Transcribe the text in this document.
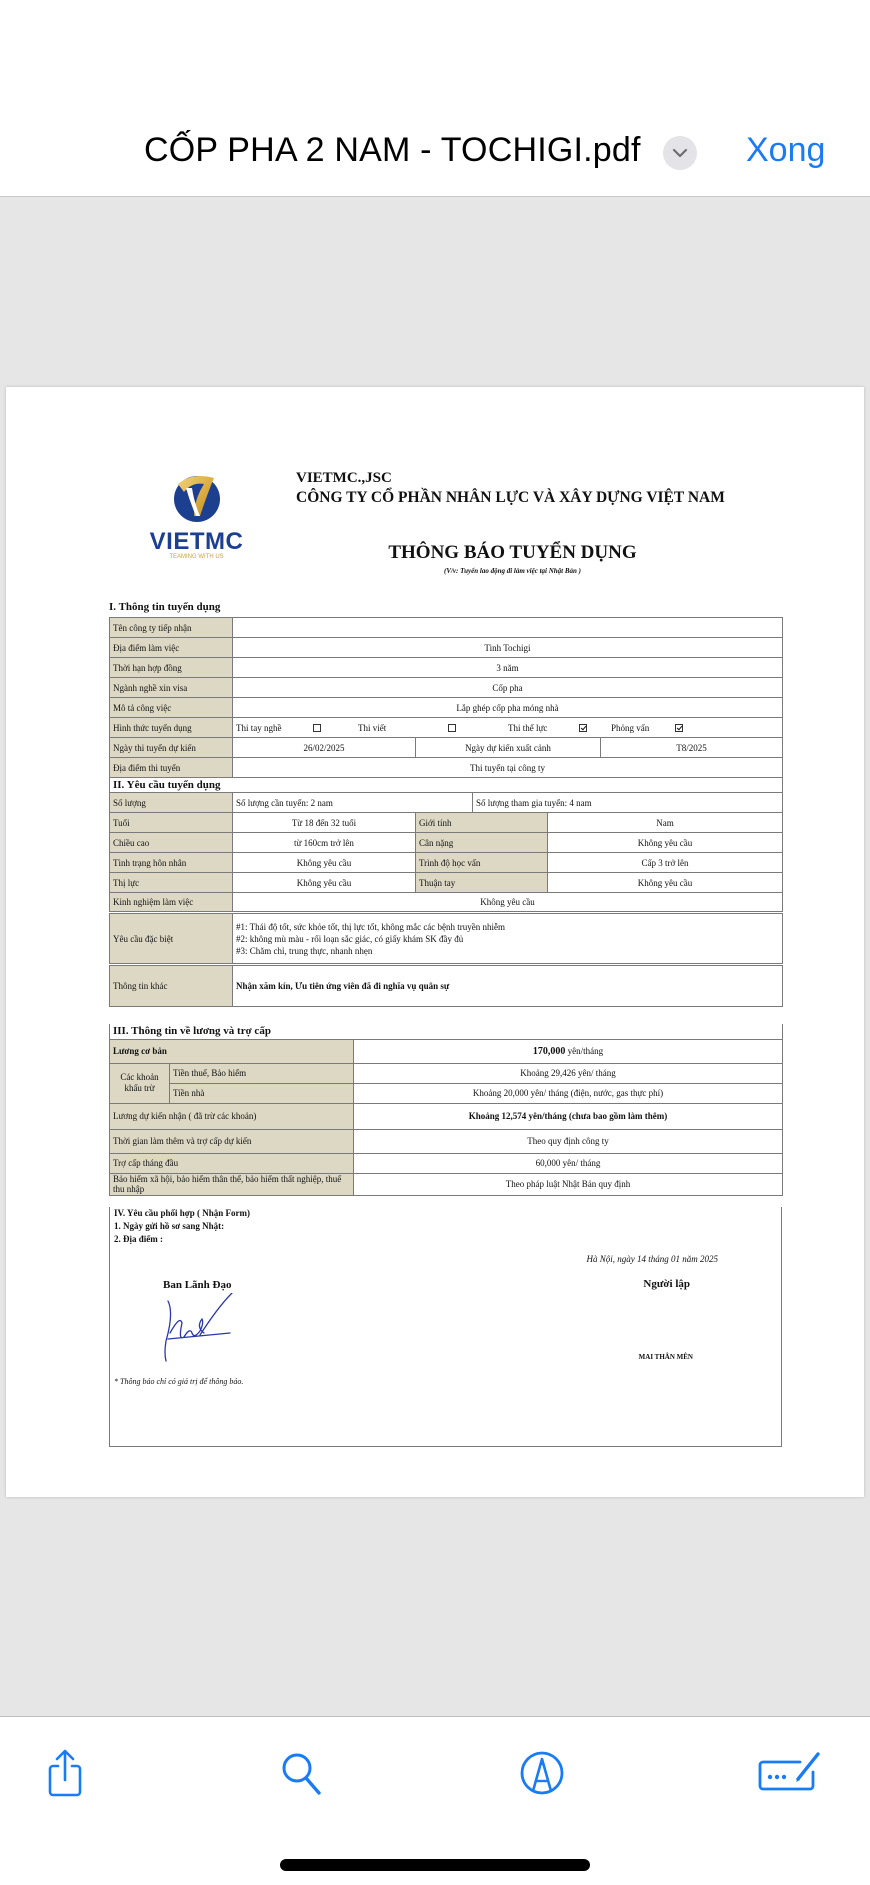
CỐP PHA 2 NAM - TOCHIGI.pdf	Xong
VIETMC
TEAMING WITH US
VIETMC.,JSC
CÔNG TY CỔ PHẦN NHÂN LỰC VÀ XÂY DỰNG VIỆT NAM
THÔNG BÁO TUYỂN DỤNG
(V/v: Tuyển lao động đi làm việc tại Nhật Bản )
I. Thông tin tuyển dụng
Tên công ty tiếp nhận					
Địa điểm làm việc	Tinh Tochigi				
Thời hạn hợp đồng	3 năm				
Ngành nghề xin visa	Cốp pha				
Mô tả công việc	Lắp ghép cốp pha móng nhà				
Hình thức tuyển dụng	Thi tay nghề Thi viết Thi thể lực Phỏng vấn				

Ngày thi tuyển dự kiến	26/02/2025	Ngày dự kiến xuất cảnh			T8/2025
Địa điểm thi tuyển	Thi tuyển tại công ty				
II. Yêu cầu tuyển dụng					
Số lượng	Số lượng cần tuyển: 2 nam		Số lượng tham gia tuyển: 4 nam		
Tuổi	Từ 18 đến 32 tuổi	Giới tính		Nam	
Chiều cao	từ 160cm trở lên	Cân nặng		Không yêu cầu	
Tình trạng hôn nhân	Không yêu cầu	Trình độ học vấn		Cấp 3 trở lên	
Thị lực	Không yêu cầu	Thuận tay		Không yêu cầu	
Kinh nghiệm làm việc	Không yêu cầu				
Yêu cầu đặc biệt	#1: Thái độ tốt, sức khỏe tốt, thị lực tốt, không mắc các bệnh truyền nhiễm
#2: không mù màu - rối loạn sắc giác, có giấy khám SK đầy đủ
#3: Chăm chỉ, trung thực, nhanh nhẹn				

Thông tin khác	Nhận xăm kín, Ưu tiên ứng viên đã đi nghĩa vụ quân sự				
III. Thông tin về lương và trợ cấp		
Lương cơ bản		170,000 yên/tháng
Các khoản khấu trừ	Tiền thuế, Bảo hiểm	Khoảng 29,426 yên/ tháng
	Tiền nhà	Khoảng 20,000 yên/ tháng (điện, nước, gas thực phí)
Lương dự kiến nhận ( đã trừ các khoản)		Khoảng 12,574 yên/tháng (chưa bao gồm làm thêm)
Thời gian làm thêm và trợ cấp dự kiến		Theo quy định công ty
Trợ cấp tháng đầu		60,000 yên/ tháng
Bảo hiểm xã hội, bảo hiểm thân thể, bảo hiểm thất nghiệp, thuế thu nhập		Theo pháp luật Nhật Bản quy định
IV. Yêu cầu phối hợp ( Nhận Form)
1. Ngày gửi hồ sơ sang Nhật:
2. Địa điểm :
Hà Nội, ngày 14 tháng 01 năm 2025
Ban Lãnh Đạo	Người lập
MAI THÂN MÊN
* Thông báo chỉ có giá trị để thông báo.
